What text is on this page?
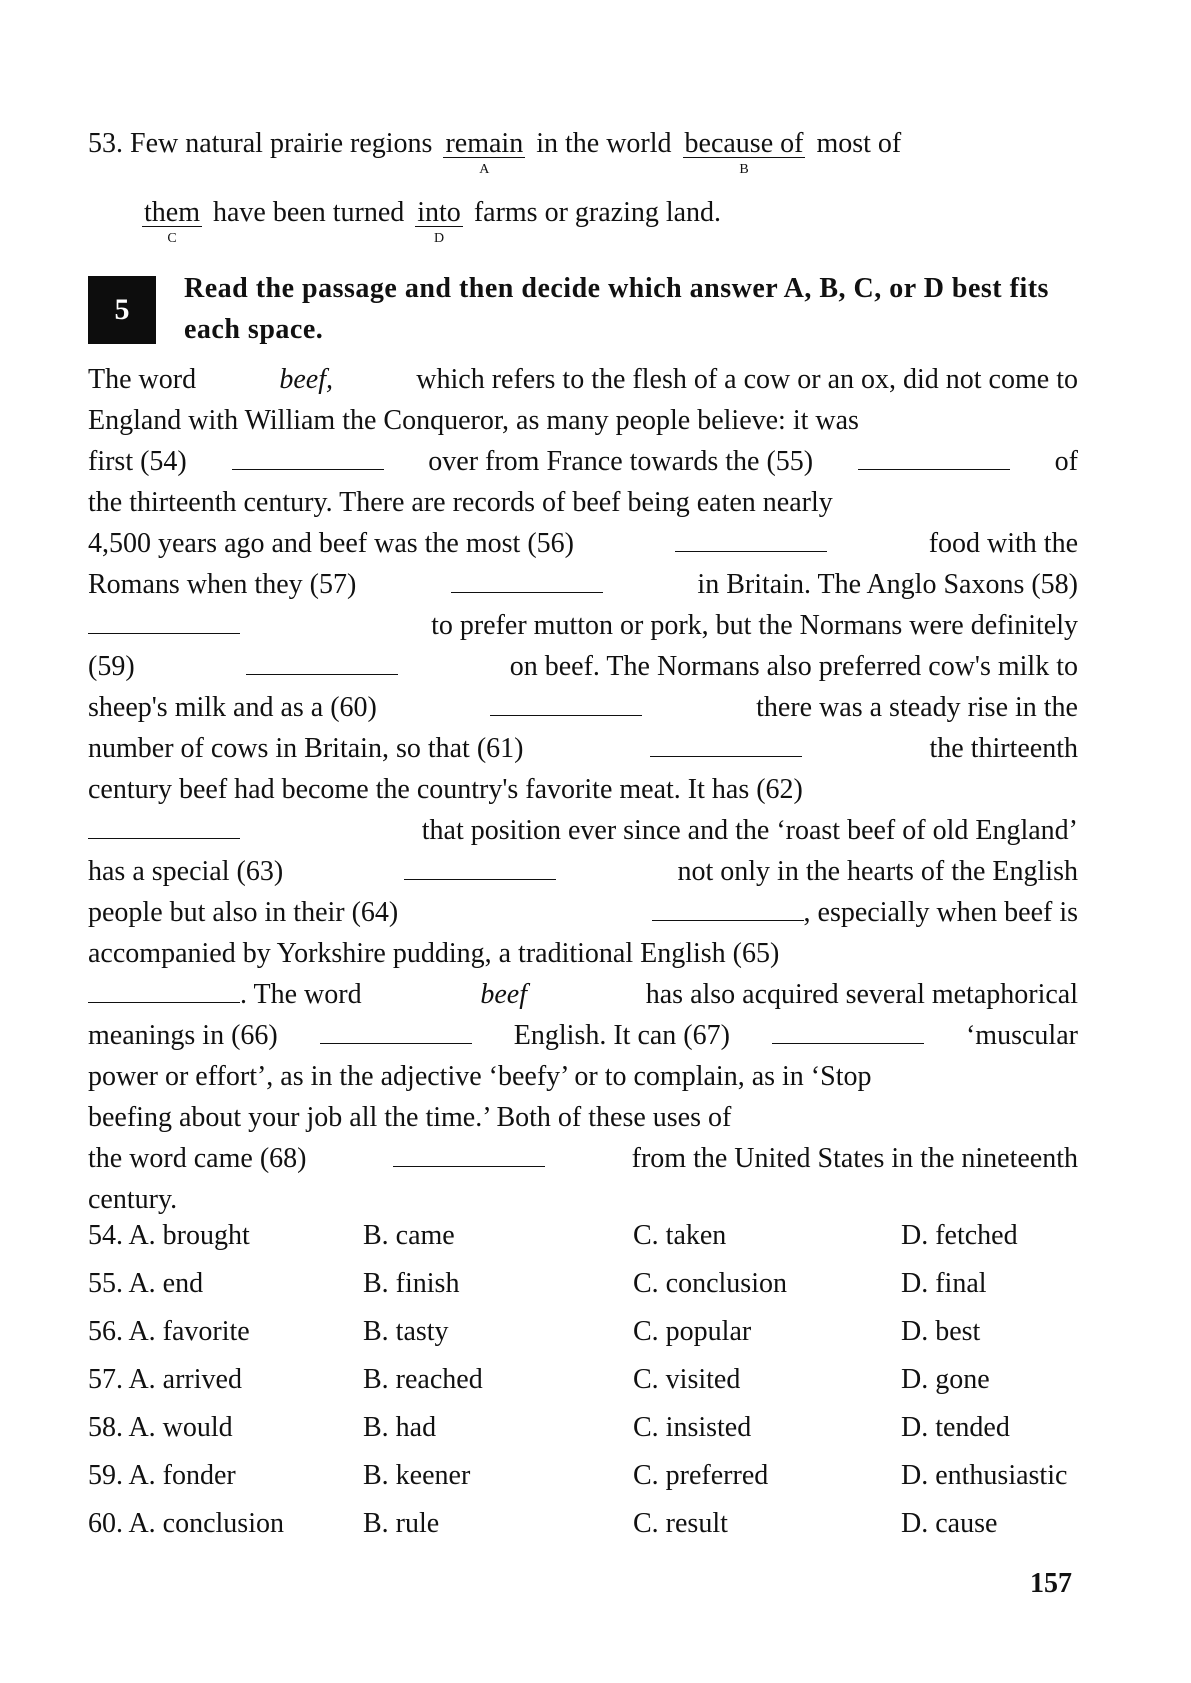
53. Few natural prairie regions remain
A
in the world because of
B
most of
them
C
have been turned into
D
farms or grazing land.
5
Read the passage and then decide which answer A, B, C, or D best fits each space.
The word	beef,	which refers to the flesh of a cow or an ox, did not come to
England with William the Conqueror, as many people believe: it was
first (54)	over from France towards the (55)	of
the thirteenth century. There are records of beef being eaten nearly
4,500 years ago and beef was the most (56)	food with the
Romans when they (57)	in Britain. The Anglo Saxons (58)
to prefer mutton or pork, but the Normans were definitely
(59)	on beef. The Normans also preferred cow's milk to
sheep's milk and as a (60)	there was a steady rise in the
number of cows in Britain, so that (61)	the thirteenth
century beef had become the country's favorite meat. It has (62)
that position ever since and the ‘roast beef of old England’
has a special (63)	not only in the hearts of the English
people but also in their (64)	, especially when beef is
accompanied by Yorkshire pudding, a traditional English (65)
. The word	beef	has also acquired several metaphorical
meanings in (66)	English. It can (67)	‘muscular
power or effort’, as in the adjective ‘beefy’ or to complain, as in ‘Stop
beefing about your job all the time.’ Both of these uses of
the word came (68)	from the United States in the nineteenth
century.
54. A. brought	B. came	C. taken	D. fetched
55. A. end	B. finish	C. conclusion	D. final
56. A. favorite	B. tasty	C. popular	D. best
57. A. arrived	B. reached	C. visited	D. gone
58. A. would	B. had	C. insisted	D. tended
59. A. fonder	B. keener	C. preferred	D. enthusiastic
60. A. conclusion	B. rule	C. result	D. cause
157
